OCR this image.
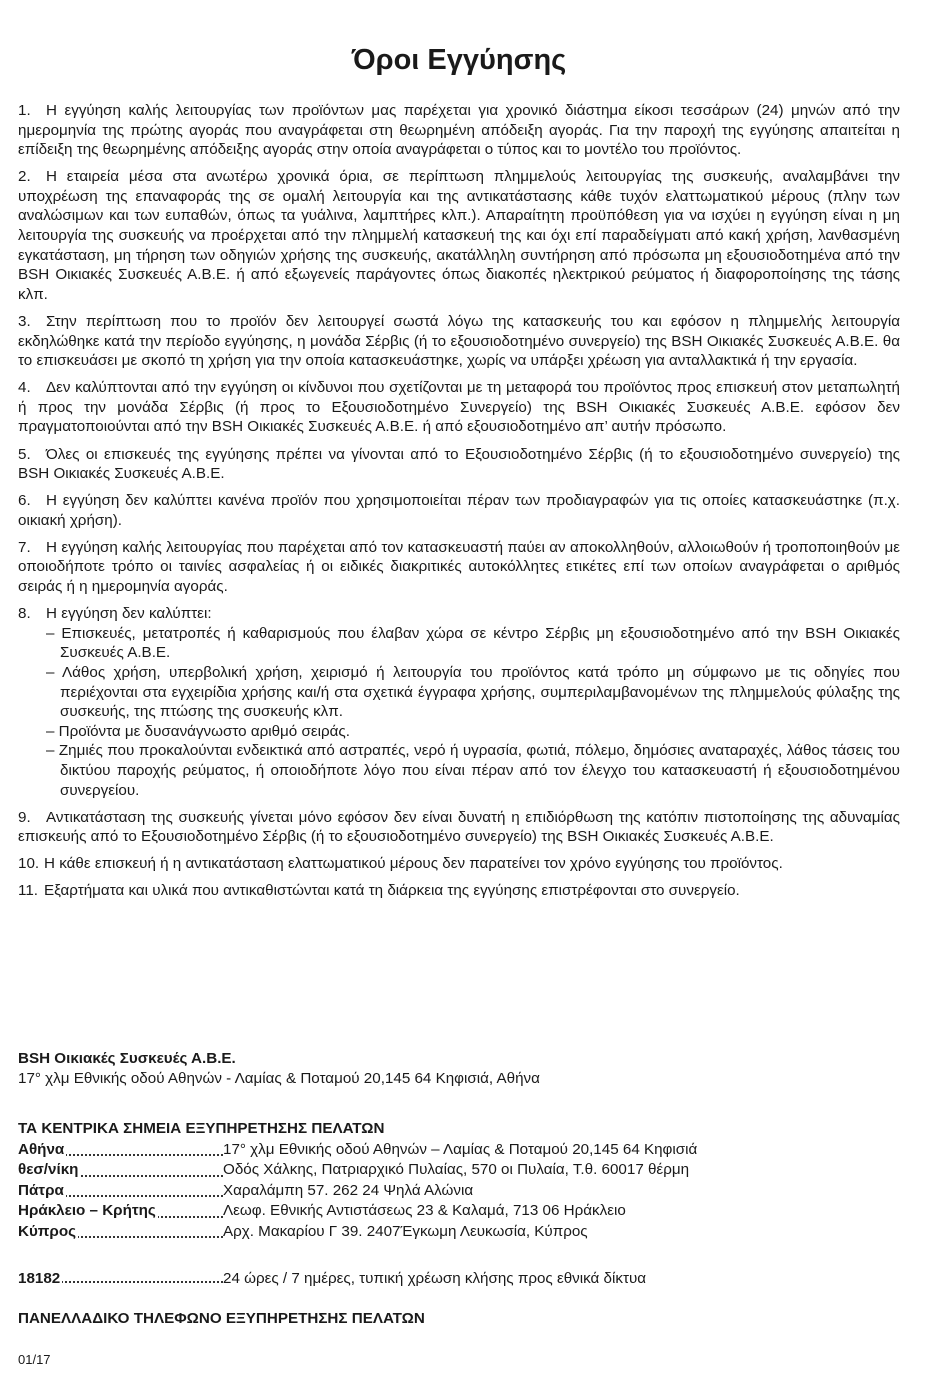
Όροι Εγγύησης

1. Η εγγύηση καλής λειτουργίας των προϊόντων μας παρέχεται για χρονικό διάστημα είκοσι τεσσάρων (24) μηνών από την ημερομηνία της πρώτης αγοράς που αναγράφεται στη θεωρημένη απόδειξη αγοράς. Για την παροχή της εγγύησης απαιτείται η επίδειξη της θεωρημένης απόδειξης αγοράς στην οποία αναγράφεται ο τύπος και το μοντέλο του προϊόντος.

2. Η εταιρεία μέσα στα ανωτέρω χρονικά όρια, σε περίπτωση πλημμελούς λειτουργίας της συσκευής, αναλαμβάνει την υποχρέωση της επαναφοράς της σε ομαλή λειτουργία και της αντικατάστασης κάθε τυχόν ελαττωματικού μέρους (πλην των αναλώσιμων και των ευπαθών, όπως τα γυάλινα, λαμπτήρες κλπ.). Απαραίτητη προϋπόθεση για να ισχύει η εγγύηση είναι η μη λειτουργία της συσκευής να προέρχεται από την πλημμελή κατασκευή της και όχι επί παραδείγματι από κακή χρήση, λανθασμένη εγκατάσταση, μη τήρηση των οδηγιών χρήσης της συσκευής, ακατάλληλη συντήρηση από πρόσωπα μη εξουσιοδοτημένα από την BSH Οικιακές Συσκευές Α.Β.Ε. ή από εξωγενείς παράγοντες όπως διακοπές ηλεκτρικού ρεύματος ή διαφοροποίησης της τάσης κλπ.

3. Στην περίπτωση που το προϊόν δεν λειτουργεί σωστά λόγω της κατασκευής του και εφόσον η πλημμελής λειτουργία εκδηλώθηκε κατά την περίοδο εγγύησης, η μονάδα Σέρβις (ή το εξουσιοδοτημένο συνεργείο) της BSH Οικιακές Συσκευές Α.Β.Ε. θα το επισκευάσει με σκοπό τη χρήση για την οποία κατασκευάστηκε, χωρίς να υπάρξει χρέωση για ανταλλακτικά ή την εργασία.

4. Δεν καλύπτονται από την εγγύηση οι κίνδυνοι που σχετίζονται με τη μεταφορά του προϊόντος προς επισκευή στον μεταπωλητή ή προς την μονάδα Σέρβις (ή προς το Εξουσιοδοτημένο Συνεργείο) της BSH Οικιακές Συσκευές Α.Β.Ε. εφόσον δεν πραγματοποιούνται από την BSH Οικιακές Συσκευές Α.Β.Ε. ή από εξουσιοδοτημένο απ’ αυτήν πρόσωπο.

5. Όλες οι επισκευές της εγγύησης πρέπει να γίνονται από το Εξουσιοδοτημένο Σέρβις (ή το εξουσιοδοτημένο συνεργείο) της BSH Οικιακές Συσκευές Α.Β.Ε.

6. Η εγγύηση δεν καλύπτει κανένα προϊόν που χρησιμοποιείται πέραν των προδιαγραφών για τις οποίες κατασκευάστηκε (π.χ. οικιακή χρήση).

7. Η εγγύηση καλής λειτουργίας που παρέχεται από τον κατασκευαστή παύει αν αποκολληθούν, αλλοιωθούν ή τροποποιηθούν με οποιοδήποτε τρόπο οι ταινίες ασφαλείας ή οι ειδικές διακριτικές αυτοκόλλητες ετικέτες επί των οποίων αναγράφεται ο αριθμός σειράς ή η ημερομηνία αγοράς.

8. Η εγγύηση δεν καλύπτει:

– Επισκευές, μετατροπές ή καθαρισμούς που έλαβαν χώρα σε κέντρο Σέρβις μη εξουσιοδοτημένο από την BSH Οικιακές Συσκευές Α.Β.Ε.
– Λάθος χρήση, υπερβολική χρήση, χειρισμό ή λειτουργία του προϊόντος κατά τρόπο μη σύμφωνο με τις οδηγίες που περιέχονται στα εγχειρίδια χρήσης και/ή στα σχετικά έγγραφα χρήσης, συμπεριλαμβανομένων της πλημμελούς φύλαξης της συσκευής, της πτώσης της συσκευής κλπ.
– Προϊόντα με δυσανάγνωστο αριθμό σειράς.
– Ζημιές που προκαλούνται ενδεικτικά από αστραπές, νερό ή υγρασία, φωτιά, πόλεμο, δημόσιες αναταραχές, λάθος τάσεις του δικτύου παροχής ρεύματος, ή οποιοδήποτε λόγο που είναι πέραν από τον έλεγχο του κατασκευαστή ή εξουσιοδοτημένου συνεργείου.

9. Αντικατάσταση της συσκευής γίνεται μόνο εφόσον δεν είναι δυνατή η επιδιόρθωση της κατόπιν πιστοποίησης της αδυναμίας επισκευής από το Εξουσιοδοτημένο Σέρβις (ή το εξουσιοδοτημένο συνεργείο) της BSH Οικιακές Συσκευές Α.Β.Ε.

10. Η κάθε επισκευή ή η αντικατάσταση ελαττωματικού μέρους δεν παρατείνει τον χρόνο εγγύησης του προϊόντος.

11. Εξαρτήματα και υλικά που αντικαθιστώνται κατά τη διάρκεια της εγγύησης επιστρέφονται στο συνεργείο.

BSH Οικιακές Συσκευές Α.Β.Ε.
17° χλμ Εθνικής οδού Αθηνών - Λαμίας & Ποταμού 20,145 64 Κηφισιά, Αθήνα
ΤΑ ΚΕΝΤΡΙΚΑ ΣΗΜΕΙΑ ΕΞΥΠΗΡΕΤΗΣΗΣ ΠΕΛΑΤΩΝ
Αθήνα	17° χλμ Εθνικής οδού Αθηνών – Λαμίας & Ποταμού 20,145 64 Κηφισιά
θεσ/νίκη	Οδός Χάλκης, Πατριαρχικό Πυλαίας, 570 οι Πυλαία, Τ.θ. 60017 θέρμη
Πάτρα	Χαραλάμπη 57. 262 24 Ψηλά Αλώνια
Ηράκλειο – Κρήτης	Λεωφ. Εθνικής Αντιστάσεως 23 & Καλαμά, 713 06 Ηράκλειο
Κύπρος	Αρχ. Μακαρίου Γ 39. 2407Έγκωμη Λευκωσία, Κύπρος
18182	24 ώρες / 7 ημέρες, τυπική χρέωση κλήσης προς εθνικά δίκτυα
ΠΑΝΕΛΛΑΔΙΚΟ ΤΗΛΕΦΩΝΟ ΕΞΥΠΗΡΕΤΗΣΗΣ ΠΕΛΑΤΩΝ
01/17
